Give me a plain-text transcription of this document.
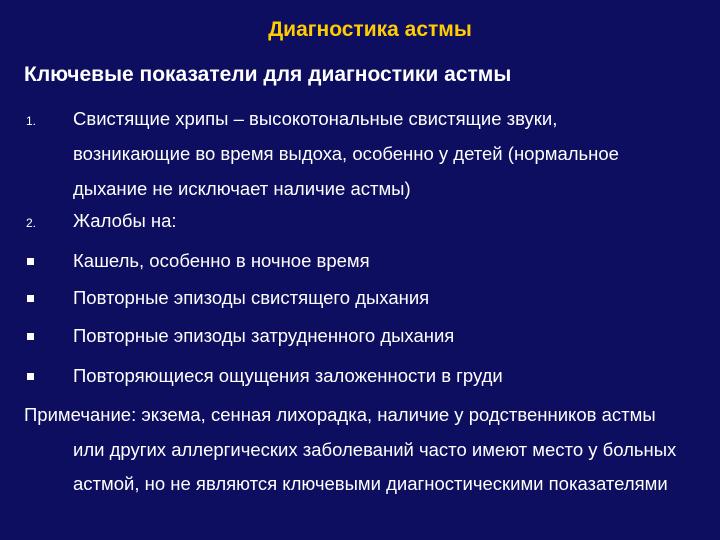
Диагностика астмы
Ключевые показатели для диагностики астмы
1. Свистящие хрипы – высокотональные свистящие звуки, возникающие во время выдоха, особенно у детей (нормальное дыхание не исключает наличие астмы)
2. Жалобы на:
Кашель, особенно в ночное время
Повторные эпизоды свистящего дыхания
Повторные эпизоды затрудненного дыхания
Повторяющиеся ощущения заложенности в груди
Примечание: экзема, сенная лихорадка, наличие у родственников астмы
или других аллергических заболеваний часто имеют место у больных астмой, но не являются ключевыми диагностическими показателями
